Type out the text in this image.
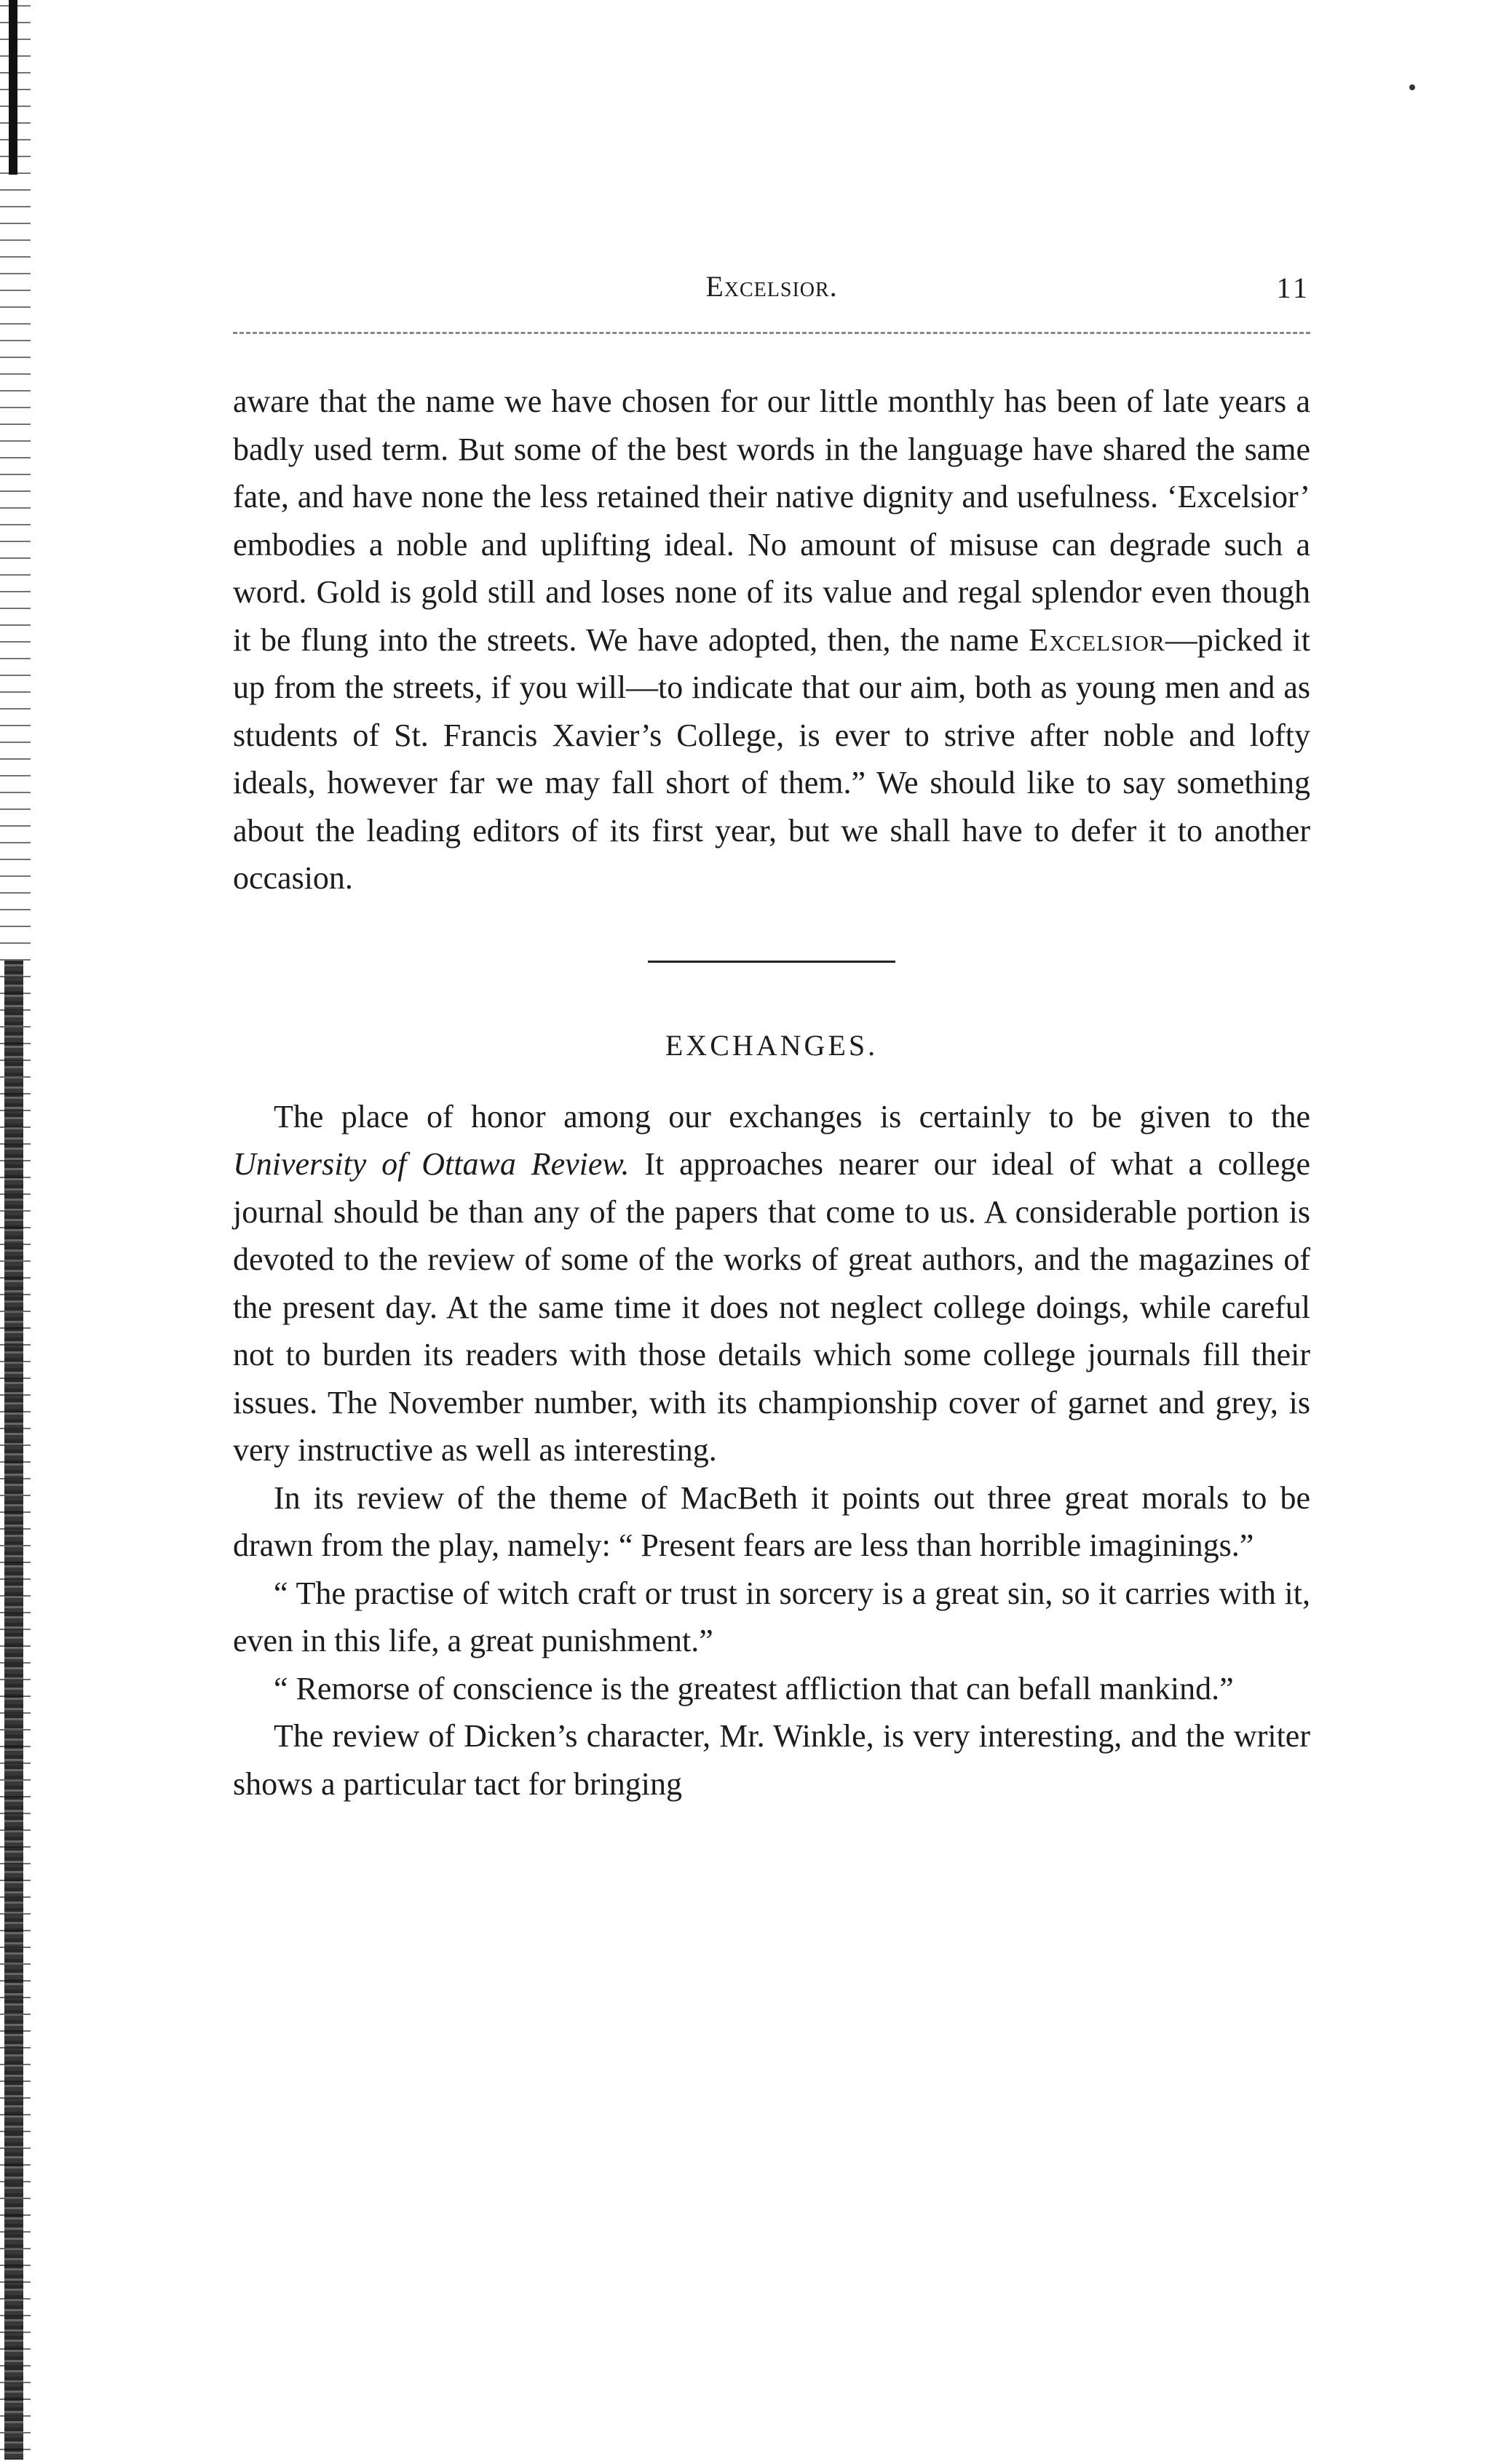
Excelsior.	11

aware that the name we have chosen for our little monthly has been of late years a badly used term. But some of the best words in the language have shared the same fate, and have none the less retained their native dignity and usefulness. ‘Excelsior’ embodies a noble and uplifting ideal. No amount of misuse can degrade such a word. Gold is gold still and loses none of its value and regal splendor even though it be flung into the streets. We have adopted, then, the name Excelsior—picked it up from the streets, if you will—to indicate that our aim, both as young men and as students of St. Francis Xavier’s College, is ever to strive after noble and lofty ideals, however far we may fall short of them.” We should like to say something about the leading editors of its first year, but we shall have to defer it to another occasion.

EXCHANGES.

The place of honor among our exchanges is certainly to be given to the University of Ottawa Review. It approaches nearer our ideal of what a college journal should be than any of the papers that come to us. A considerable portion is devoted to the review of some of the works of great authors, and the magazines of the present day. At the same time it does not neglect college doings, while careful not to burden its readers with those details which some college journals fill their issues. The November number, with its championship cover of garnet and grey, is very instructive as well as interesting.

In its review of the theme of MacBeth it points out three great morals to be drawn from the play, namely: “ Present fears are less than horrible imaginings.”

“ The practise of witch craft or trust in sorcery is a great sin, so it carries with it, even in this life, a great punishment.”

“ Remorse of conscience is the greatest affliction that can befall mankind.”

The review of Dicken’s character, Mr. Winkle, is very interesting, and the writer shows a particular tact for bringing
